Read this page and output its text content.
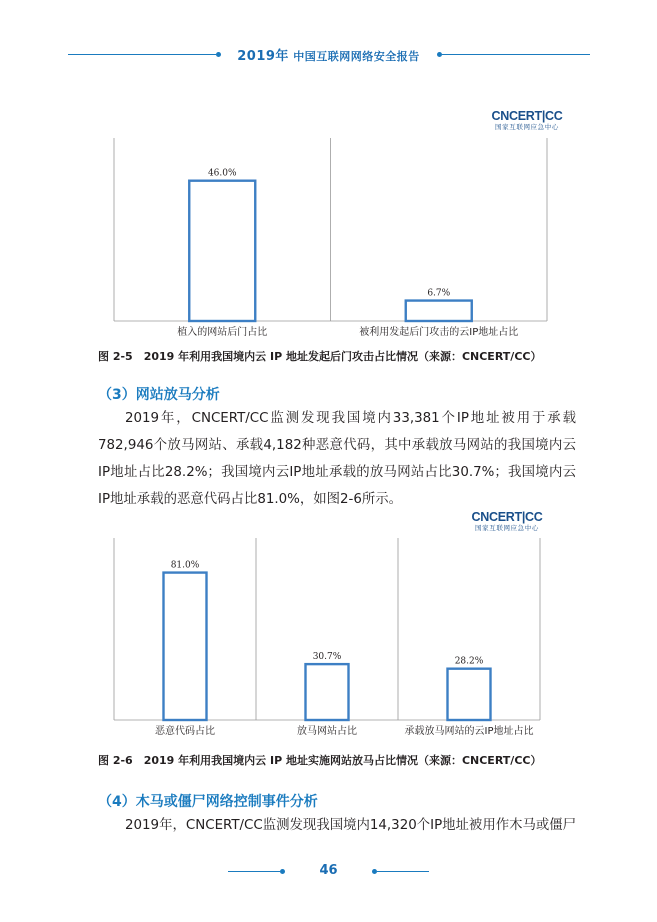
2019年 中国互联网网络安全报告
CNCERT|CC
国家互联网应急中心
46.0%
植入的网站后门占比
6.7%
被利用发起后门攻击的云IP地址占比
图 2-5　2019 年利用我国境内云 IP 地址发起后门攻击占比情况（来源：CNCERT/CC）
（3）网站放马分析
2019年，CNCERT/CC监测发现我国境内33,381个IP地址被用于承载782,946个放马网站、承载4,182种恶意代码，其中承载放马网站的我国境内云IP地址占比28.2%；我国境内云IP地址承载的放马网站占比30.7%；我国境内云IP地址承载的恶意代码占比81.0%，如图2-6所示。
CNCERT|CC
国家互联网应急中心
81.0%
恶意代码占比
30.7%
放马网站占比
28.2%
承载放马网站的云IP地址占比
图 2-6　2019 年利用我国境内云 IP 地址实施网站放马占比情况（来源：CNCERT/CC）
（4）木马或僵尸网络控制事件分析
2019年，CNCERT/CC监测发现我国境内14,320个IP地址被用作木马或僵尸
46
